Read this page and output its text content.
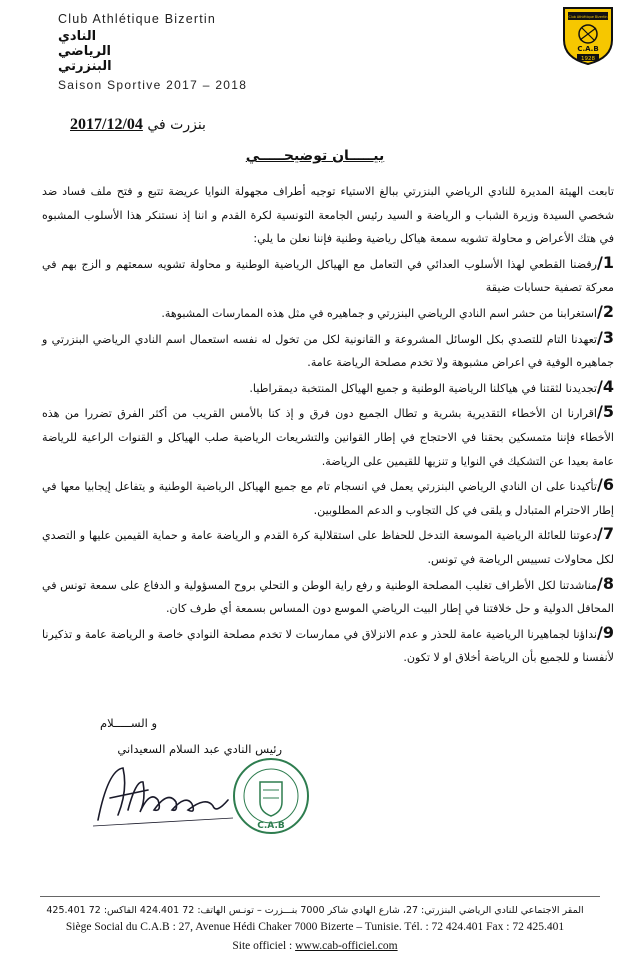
Club Athlétique Bizertin
النادي الرياضي البنزرتي
Saison Sportive 2017 – 2018
Club Athlétique Bizertin
C.A.B
1928
بنزرت في 2017/12/04
بيـــــان توضيحـــــي

تابعت الهيئة المديرة للنادي الرياضي البنزرتي ببالغ الاستياء توجيه أطراف مجهولة النوايا عريضة تتبع و فتح ملف فساد ضد شخصي السيدة وزيرة الشباب و الرياضة و السيد رئيس الجامعة التونسية لكرة القدم و اننا إذ نستنكر هذا الأسلوب المشبوه في هتك الأعراض و محاولة تشويه سمعة هياكل رياضية وطنية فإننا نعلن ما يلي:

1/رفضنا القطعي لهذا الأسلوب العدائي في التعامل مع الهياكل الرياضية الوطنية و محاولة تشويه سمعتهم و الزج بهم في معركة تصفية حسابات ضيقة

2/استغرابنا من حشر اسم النادي الرياضي البنزرتي و جماهيره في مثل هذه الممارسات المشبوهة.

3/تعهدنا التام للتصدي بكل الوسائل المشروعة و القانونية لكل من تخول له نفسه استعمال اسم النادي الرياضي البنزرتي و جماهيره الوفية في اعراض مشبوهة ولا تخدم مصلحة الرياضة عامة.

4/تجديدنا لثقتنا في هياكلنا الرياضية الوطنية و جميع الهياكل المنتخبة ديمقراطيا.

5/اقرارنا ان الأخطاء التقديرية بشرية و تطال الجميع دون فرق و إذ كنا بالأمس القريب من أكثر الفرق تضررا من هذه الأخطاء فإننا متمسكين بحقنا في الاحتجاج في إطار القوانين والتشريعات الرياضية صلب الهياكل و القنوات الراعية للرياضة عامة بعيدا عن التشكيك في النوايا و تنزيها للقيمين على الرياضة.

6/تأكيدنا على ان النادي الرياضي البنزرتي يعمل في انسجام تام مع جميع الهياكل الرياضية الوطنية و يتفاعل إيجابيا معها في إطار الاحترام المتبادل و يلقى في كل التجاوب و الدعم المطلوبين.

7/دعوتنا للعائلة الرياضية الموسعة التدخل للحفاظ على استقلالية كرة القدم و الرياضة عامة و حماية القيمين عليها و التصدي لكل محاولات تسييس الرياضة في تونس.

8/مناشدتنا لكل الأطراف تغليب المصلحة الوطنية و رفع راية الوطن و التحلي بروح المسؤولية و الدفاع على سمعة تونس في المحافل الدولية و حل خلافتنا في إطار البيت الرياضي الموسع دون المساس بسمعة أي طرف كان.

9/نداؤنا لجماهيرنا الرياضية عامة للحذر و عدم الانزلاق في ممارسات لا تخدم مصلحة النوادي خاصة و الرياضة عامة و تذكيرنا لأنفسنا و للجميع بأن الرياضة أخلاق او لا تكون.

و الســـــلام
رئيس النادي عبد السلام السعيداني
C.A.B
المقر الاجتماعي للنادي الرياضي البنزرتي: 27، شارع الهادي شاكر 7000 بنـــزرت – تونـس الهاتف: 72 424.401 الفاكس: 72 425.401
Siège Social du C.A.B : 27, Avenue Hédi Chaker 7000 Bizerte – Tunisie. Tél. : 72 424.401 Fax : 72 425.401
Site officiel : www.cab-officiel.com
